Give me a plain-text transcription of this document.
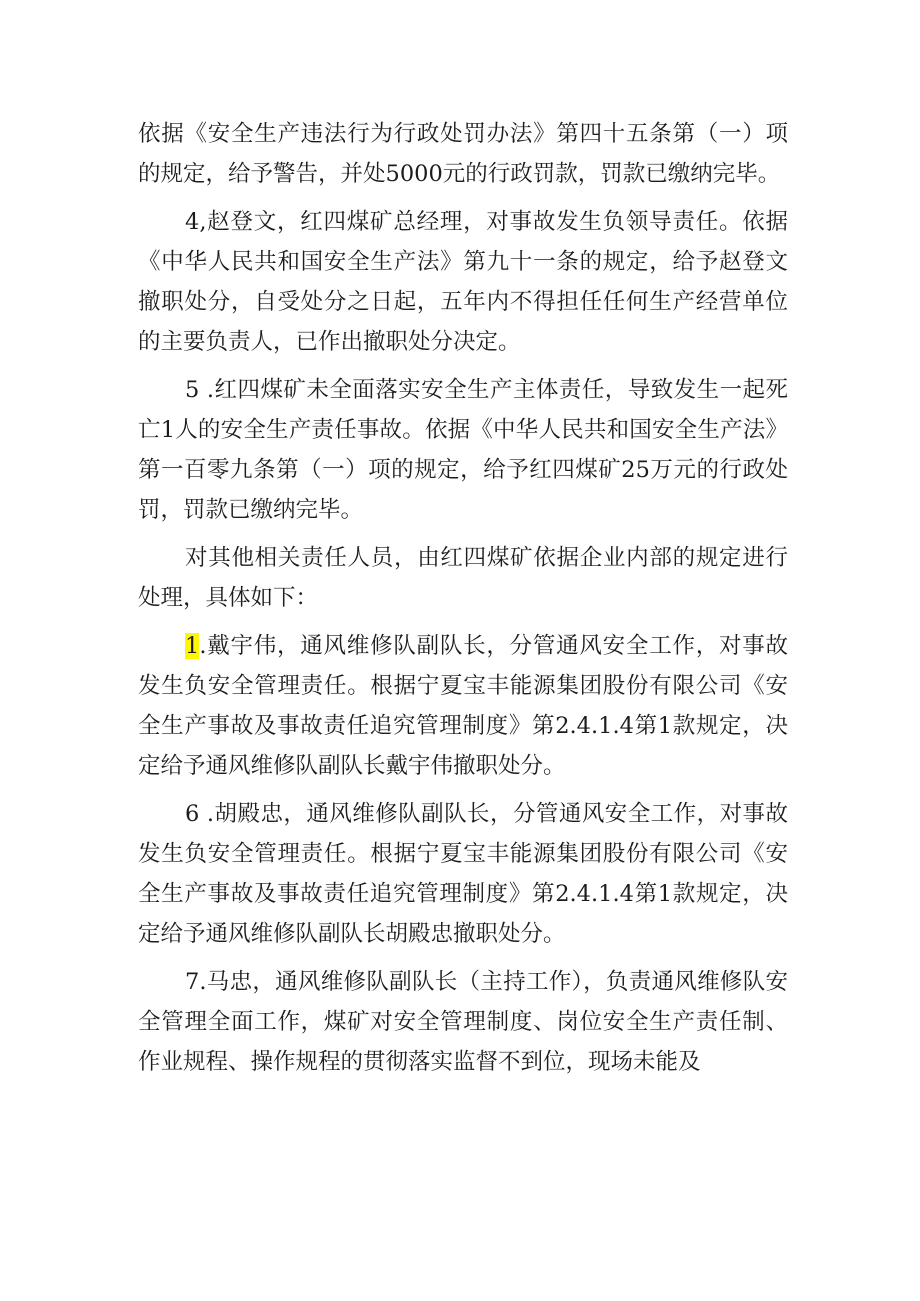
依据《安全生产违法行为行政处罚办法》第四十五条第（一）项的规定，给予警告，并处5000元的行政罚款，罚款已缴纳完毕。

4,赵登文，红四煤矿总经理，对事故发生负领导责任。依据《中华人民共和国安全生产法》第九十一条的规定，给予赵登文撤职处分，自受处分之日起，五年内不得担任任何生产经营单位的主要负责人，已作出撤职处分决定。

5 .红四煤矿未全面落实安全生产主体责任，导致发生一起死亡1人的安全生产责任事故。依据《中华人民共和国安全生产法》第一百零九条第（一）项的规定，给予红四煤矿25万元的行政处罚，罚款已缴纳完毕。

对其他相关责任人员，由红四煤矿依据企业内部的规定进行处理，具体如下：

1.戴宇伟，通风维修队副队长，分管通风安全工作，对事故发生负安全管理责任。根据宁夏宝丰能源集团股份有限公司《安全生产事故及事故责任追究管理制度》第2.4.1.4第1款规定，决定给予通风维修队副队长戴宇伟撤职处分。

6 .胡殿忠，通风维修队副队长，分管通风安全工作，对事故发生负安全管理责任。根据宁夏宝丰能源集团股份有限公司《安全生产事故及事故责任追究管理制度》第2.4.1.4第1款规定，决定给予通风维修队副队长胡殿忠撤职处分。

7.马忠，通风维修队副队长（主持工作），负责通风维修队安全管理全面工作，煤矿对安全管理制度、岗位安全生产责任制、作业规程、操作规程的贯彻落实监督不到位，现场未能及
